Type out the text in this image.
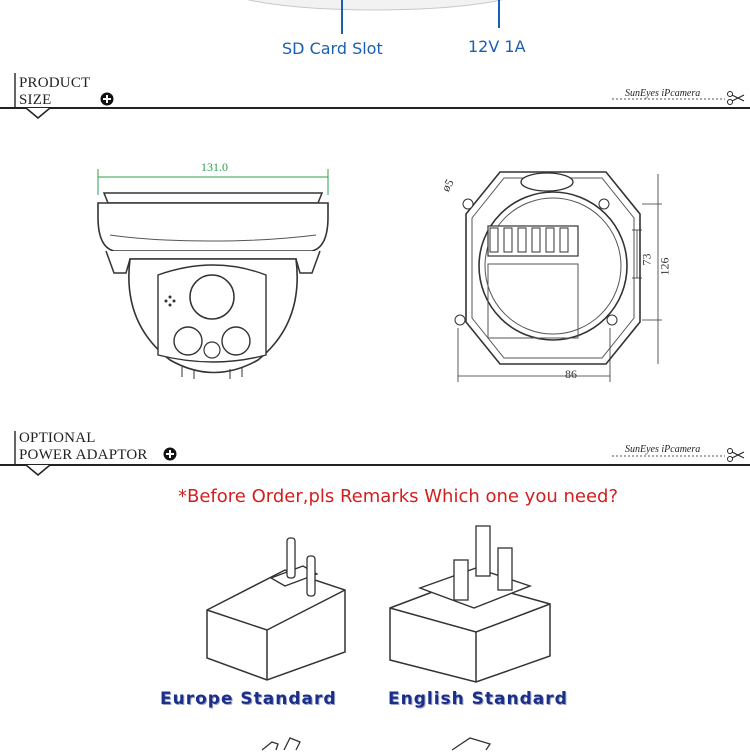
SD Card Slot	12V 1A
PRODUCT
SIZE	SunEyes iPcamera
131.0
ø5
73 126
86
OPTIONAL
POWER ADAPTOR	SunEyes iPcamera
*Before Order,pls Remarks Which one you need?
Europe Standard	English Standard
